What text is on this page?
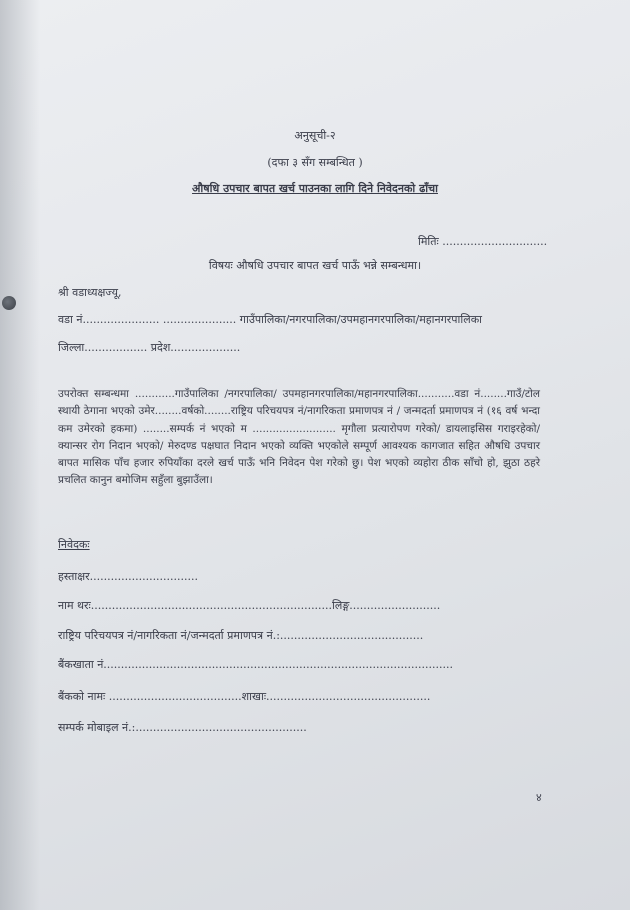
अनुसूची-२
(दफा ३ सँग सम्बन्धित )
औषधि उपचार बापत खर्च पाउनका लागि दिने निवेदनको ढाँचा
मितिः ..............................
विषयः औषधि उपचार बापत खर्च पाऊँ भन्ने सम्बन्धमा।
श्री वडाध्यक्षज्यू,
वडा नं...................... ..................... गाउँपालिका/नगरपालिका/उपमहानगरपालिका/महानगरपालिका
जिल्ला.................. प्रदेश....................
उपरोक्त सम्बन्धमा ............गाउँपालिका /नगरपालिका/ उपमहानगरपालिका/महानगरपालिका...........वडा नं........गाउँ/टोल स्थायी ठेगाना भएको उमेर........वर्षको........राष्ट्रिय परिचयपत्र नं/नागरिकता प्रमाणपत्र नं / जन्मदर्ता प्रमाणपत्र नं (१६ वर्ष भन्दा कम उमेरको हकमा) ........सम्पर्क नं भएको म ......................... मृगौला प्रत्यारोपण गरेको/ डायलाइसिस गराइरहेको/क्यान्सर रोग निदान भएको/ मेरुदण्ड पक्षघात निदान भएको व्यक्ति भएकोले सम्पूर्ण आवश्यक कागजात सहित औषधि उपचार बापत मासिक पाँच हजार रुपियाँका दरले खर्च पाऊँ भनि निवेदन पेश गरेको छु। पेश भएको व्यहोरा ठीक साँचो हो, झुठा ठहरे प्रचलित कानुन बमोजिम सहुँला बुझाउँला।
निवेदकः
हस्ताक्षर...............................
नाम थरः.....................................................................लिङ्ग..........................
राष्ट्रिय परिचयपत्र नं/नागरिकता नं/जन्मदर्ता प्रमाणपत्र नं.:.........................................
बैंकखाता नं....................................................................................................
बैंकको नामः ......................................शाखाः...............................................
सम्पर्क मोबाइल नं.:.................................................
४
